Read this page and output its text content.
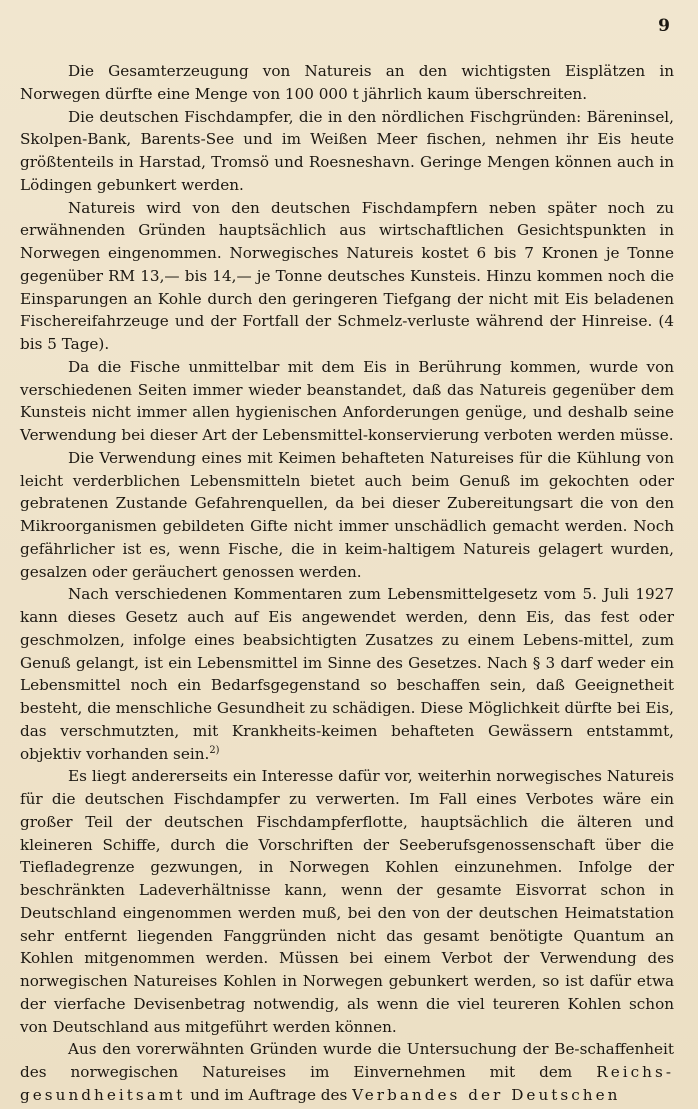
9

Die Gesamterzeugung von Natureis an den wichtigsten Eisplätzen in Norwegen dürfte eine Menge von 100 000 t jährlich kaum überschreiten.

Die deutschen Fischdampfer, die in den nördlichen Fischgründen: Bäreninsel, Skolpen-Bank, Barents-See und im Weißen Meer fischen, nehmen ihr Eis heute größtenteils in Harstad, Tromsö und Roesneshavn. Geringe Mengen können auch in Lödingen gebunkert werden.

Natureis wird von den deutschen Fischdampfern neben später noch zu erwähnenden Gründen hauptsächlich aus wirtschaftlichen Gesichtspunkten in Norwegen eingenommen. Norwegisches Natureis kostet 6 bis 7 Kronen je Tonne gegenüber RM 13,— bis 14,— je Tonne deutsches Kunsteis. Hinzu kommen noch die Einsparungen an Kohle durch den geringeren Tiefgang der nicht mit Eis beladenen Fischereifahrzeuge und der Fortfall der Schmelz-verluste während der Hinreise. (4 bis 5 Tage).

Da die Fische unmittelbar mit dem Eis in Berührung kommen, wurde von verschiedenen Seiten immer wieder beanstandet, daß das Natureis gegenüber dem Kunsteis nicht immer allen hygienischen Anforderungen genüge, und deshalb seine Verwendung bei dieser Art der Lebensmittel-konservierung verboten werden müsse.

Die Verwendung eines mit Keimen behafteten Natureises für die Kühlung von leicht verderblichen Lebensmitteln bietet auch beim Genuß im gekochten oder gebratenen Zustande Gefahrenquellen, da bei dieser Zubereitungsart die von den Mikroorganismen gebildeten Gifte nicht immer unschädlich gemacht werden. Noch gefährlicher ist es, wenn Fische, die in keim-haltigem Natureis gelagert wurden, gesalzen oder geräuchert genossen werden.

Nach verschiedenen Kommentaren zum Lebensmittelgesetz vom 5. Juli 1927 kann dieses Gesetz auch auf Eis angewendet werden, denn Eis, das fest oder geschmolzen, infolge eines beabsichtigten Zusatzes zu einem Lebens-mittel, zum Genuß gelangt, ist ein Lebensmittel im Sinne des Gesetzes. Nach § 3 darf weder ein Lebensmittel noch ein Bedarfsgegenstand so beschaffen sein, daß Geeignetheit besteht, die menschliche Gesundheit zu schädigen. Diese Möglichkeit dürfte bei Eis, das verschmutzten, mit Krankheits-keimen behafteten Gewässern entstammt, objektiv vorhanden sein.$^{2)}$

Es liegt andererseits ein Interesse dafür vor, weiterhin norwegisches Natureis für die deutschen Fischdampfer zu verwerten. Im Fall eines Verbotes wäre ein großer Teil der deutschen Fischdampferflotte, hauptsächlich die älteren und kleineren Schiffe, durch die Vorschriften der Seeberufsgenossenschaft über die Tiefladegrenze gezwungen, in Norwegen Kohlen einzunehmen. Infolge der beschränkten Ladeverhältnisse kann, wenn der gesamte Eisvorrat schon in Deutschland eingenommen werden muß, bei den von der deutschen Heimatstation sehr entfernt liegenden Fanggründen nicht das gesamt benötigte Quantum an Kohlen mitgenommen werden. Müssen bei einem Verbot der Verwendung des norwegischen Natureises Kohlen in Norwegen gebunkert werden, so ist dafür etwa der vierfache Devisenbetrag notwendig, als wenn die viel teureren Kohlen schon von Deutschland aus mitgeführt werden können.

Aus den vorerwähnten Gründen wurde die Untersuchung der Be-schaffenheit des norwegischen Natureises im Einvernehmen mit dem Reichs-gesundheitsamt und im Auftrage des Verbandes der Deutschen
